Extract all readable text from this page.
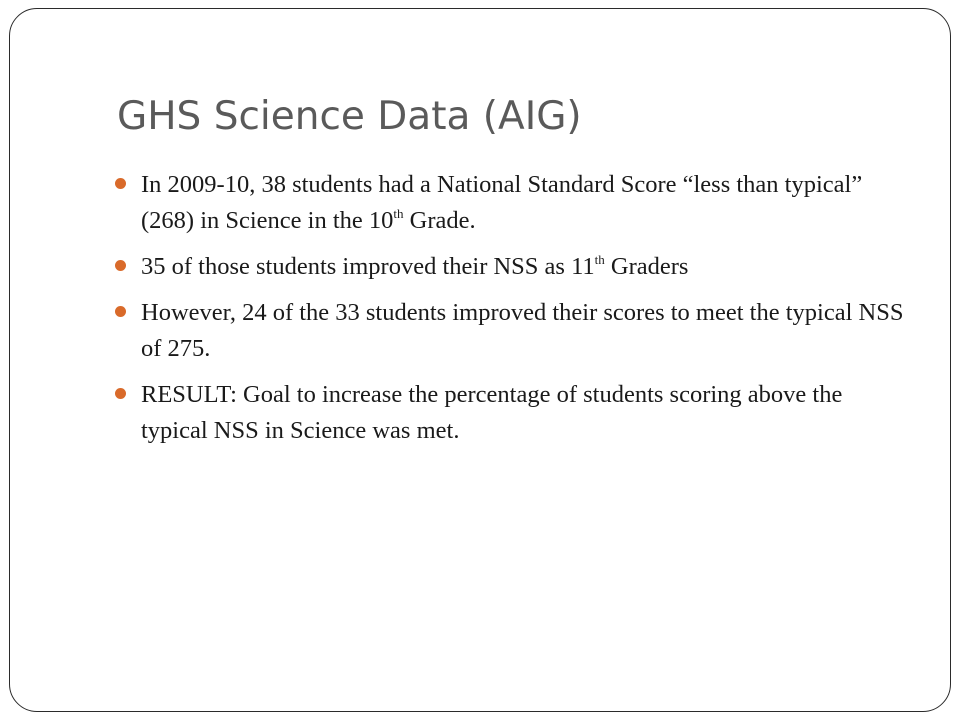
GHS Science Data (AIG)
In 2009-10, 38 students had a National Standard Score “less than typical” (268) in Science in the 10th Grade.
35 of those students improved their NSS as 11th Graders
However, 24 of the 33 students improved their scores to meet the typical NSS of 275.
RESULT: Goal to increase the percentage of students scoring above the typical NSS in Science was met.
